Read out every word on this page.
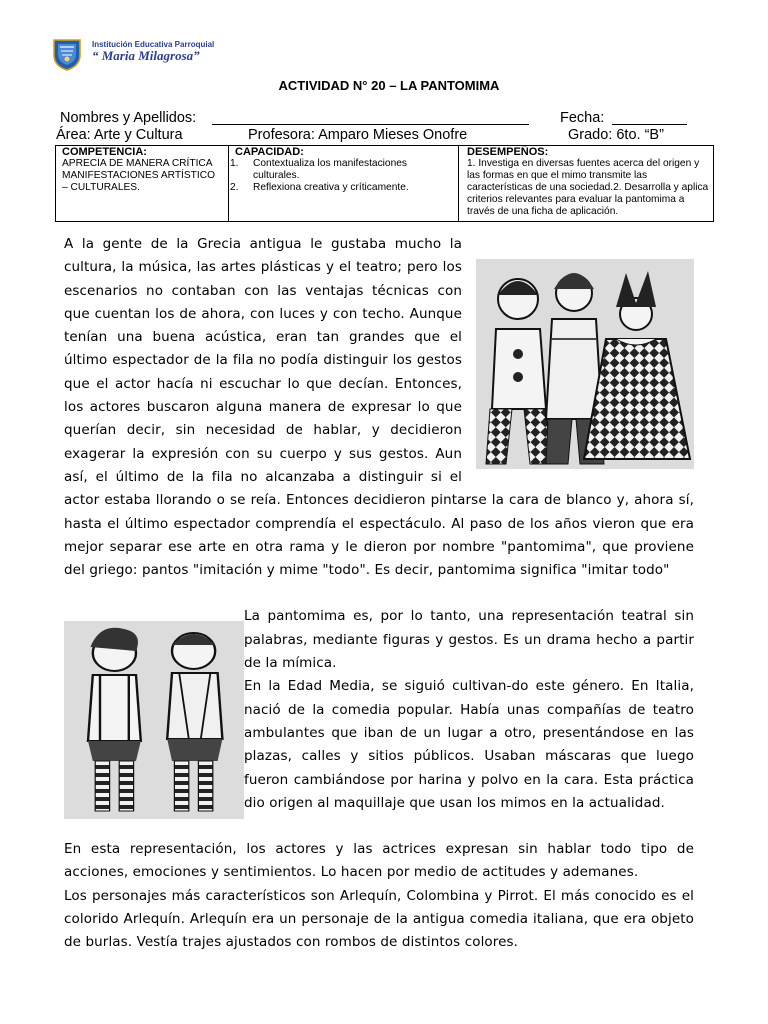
Institución Educativa Parroquial
“ Maria Milagrosa”
ACTIVIDAD N° 20 – LA PANTOMIMA
Nombres y Apellidos:	Fecha:
Área: Arte y Cultura	Profesora: Amparo Mieses Onofre	Grado: 6to. “B”
COMPETENCIA:
APRECIA DE MANERA CRÍTICA MANIFESTACIONES ARTÍSTICO – CULTURALES.
CAPACIDAD:
1. Contextualiza los manifestaciones culturales.
2.	Reflexiona creativa y críticamente.
DESEMPEÑOS:
1. Investiga en diversas fuentes acerca del origen y las formas en que el mimo transmite las características de una sociedad.2. Desarrolla y aplica criterios relevantes para evaluar la pantomima a través de una ficha de aplicación.

A la gente de la Grecia antigua le gustaba mucho la cultura, la música, las artes plásticas y el teatro; pero los escenarios no contaban con las ventajas técnicas con que cuentan los de ahora, con luces y con techo. Aunque tenían una buena acústica, eran tan grandes que el último espectador de la fila no podía distinguir los gestos que el actor hacía ni escuchar lo que decían. Entonces, los actores buscaron alguna manera de expresar lo que querían decir, sin necesidad de hablar, y decidieron exagerar la expresión con su cuerpo y sus gestos. Aun así, el último de la fila no alcanzaba a distinguir si el actor estaba llorando o se reía. Entonces decidieron pintarse la cara de blanco y, ahora sí, hasta el último espectador comprendía el espectáculo. Al paso de los años vieron que era mejor separar ese arte en otra rama y le dieron por nombre "pantomima", que proviene del griego: pantos "imitación y mime "todo". Es decir, pantomima significa "imitar todo"

La pantomima es, por lo tanto, una representación teatral sin palabras, mediante figuras y gestos. Es un drama hecho a partir de la mímica.

En la Edad Media, se siguió cultivan-do este género. En Italia, nació de la comedia popular. Había unas compañías de teatro ambulantes que iban de un lugar a otro, presentándose en las plazas, calles y sitios públicos. Usaban máscaras que luego fueron cambiándose por harina y polvo en la cara. Esta práctica dio origen al maquillaje que usan los mimos en la actualidad.

En esta representación, los actores y las actrices expresan sin hablar todo tipo de acciones, emociones y sentimientos. Lo hacen por medio de actitudes y ademanes.

Los personajes más característicos son Arlequín, Colombina y Pirrot. El más conocido es el colorido Arlequín. Arlequín era un personaje de la antigua comedia italiana, que era objeto de burlas. Vestía trajes ajustados con rombos de distintos colores.
